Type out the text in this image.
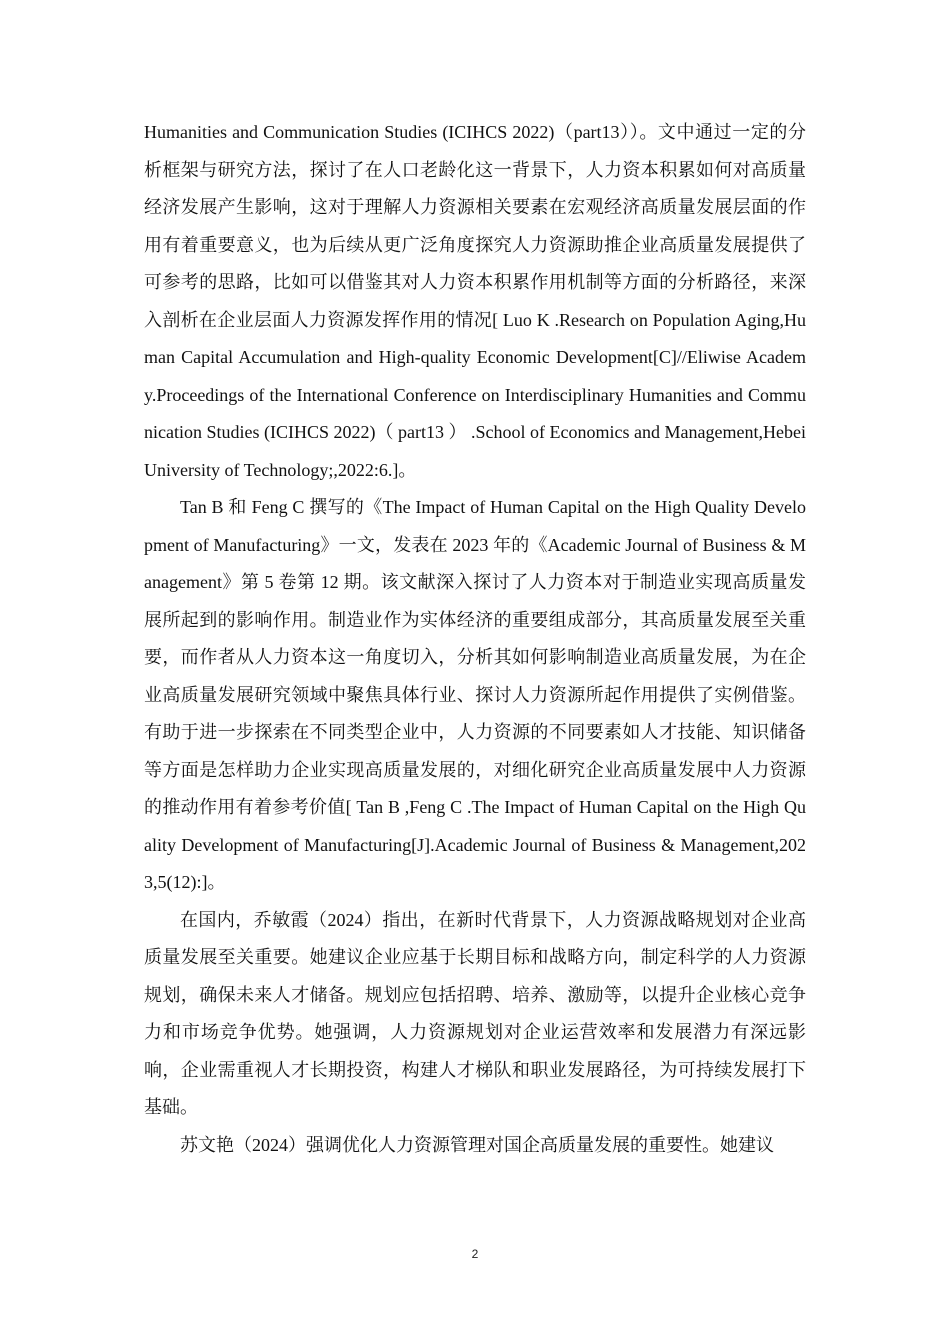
Humanities and Communication Studies (ICIHCS 2022)（part13））。文中通过一定的分析框架与研究方法，探讨了在人口老龄化这一背景下，人力资本积累如何对高质量经济发展产生影响，这对于理解人力资源相关要素在宏观经济高质量发展层面的作用有着重要意义，也为后续从更广泛角度探究人力资源助推企业高质量发展提供了可参考的思路，比如可以借鉴其对人力资本积累作用机制等方面的分析路径，来深入剖析在企业层面人力资源发挥作用的情况[ Luo K .Research on Population Aging,Human Capital Accumulation and High-quality Economic Development[C]//Eliwise Academy.Proceedings of the International Conference on Interdisciplinary Humanities and Communication Studies (ICIHCS 2022)（ part13 ） .School of Economics and Management,Hebei University of Technology;,2022:6.]。

Tan B 和 Feng C 撰写的《The Impact of Human Capital on the High Quality Development of Manufacturing》一文，发表在 2023 年的《Academic Journal of Business & Management》第 5 卷第 12 期。该文献深入探讨了人力资本对于制造业实现高质量发展所起到的影响作用。制造业作为实体经济的重要组成部分，其高质量发展至关重要，而作者从人力资本这一角度切入，分析其如何影响制造业高质量发展，为在企业高质量发展研究领域中聚焦具体行业、探讨人力资源所起作用提供了实例借鉴。有助于进一步探索在不同类型企业中，人力资源的不同要素如人才技能、知识储备等方面是怎样助力企业实现高质量发展的，对细化研究企业高质量发展中人力资源的推动作用有着参考价值[ Tan B ,Feng C .The Impact of Human Capital on the High Quality Development of Manufacturing[J].Academic Journal of Business & Management,2023,5(12):]。

在国内，乔敏霞（2024）指出，在新时代背景下，人力资源战略规划对企业高质量发展至关重要。她建议企业应基于长期目标和战略方向，制定科学的人力资源规划，确保未来人才储备。规划应包括招聘、培养、激励等，以提升企业核心竞争力和市场竞争优势。她强调，人力资源规划对企业运营效率和发展潜力有深远影响，企业需重视人才长期投资，构建人才梯队和职业发展路径，为可持续发展打下基础。

苏文艳（2024）强调优化人力资源管理对国企高质量发展的重要性。她建议

2
